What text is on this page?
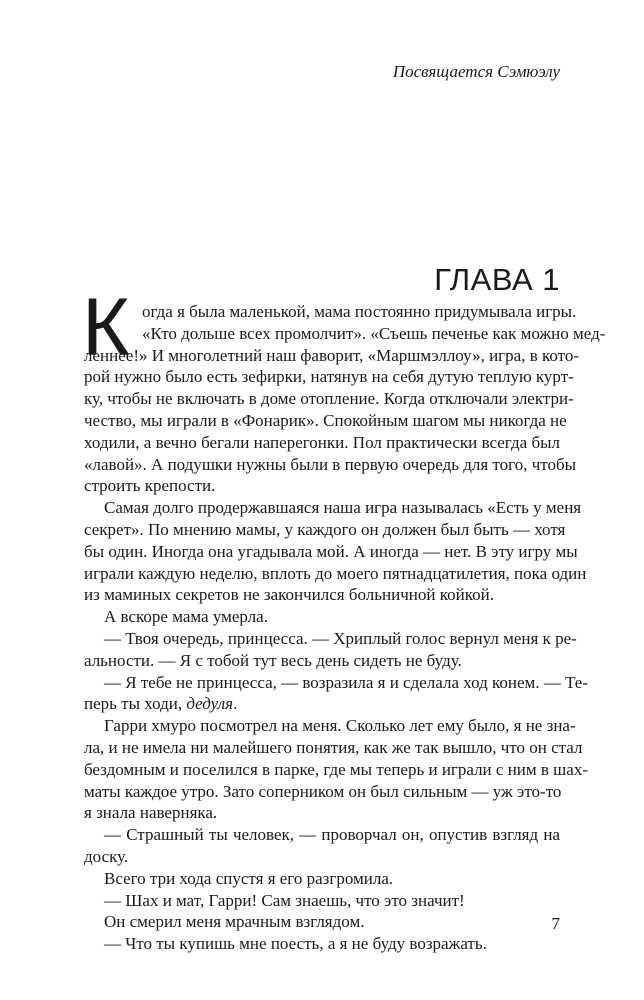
Посвящается Сэмюэлу
ГЛАВА 1
К огда я была маленькой, мама постоянно придумывала игры.
«Кто дольше всех промолчит». «Съешь печенье как можно мед-
леннее!» И многолетний наш фаворит, «Маршмэллоу», игра, в кото-
рой нужно было есть зефирки, натянув на себя дутую теплую курт-
ку, чтобы не включать в доме отопление. Когда отключали электри-
чество, мы играли в «Фонарик». Спокойным шагом мы никогда не
ходили, а вечно бегали наперегонки. Пол практически всегда был
«лавой». А подушки нужны были в первую очередь для того, чтобы
строить крепости.
Самая долго продержавшаяся наша игра называлась «Есть у меня
секрет». По мнению мамы, у каждого он должен был быть — хотя
бы один. Иногда она угадывала мой. А иногда — нет. В эту игру мы
играли каждую неделю, вплоть до моего пятнадцатилетия, пока один
из маминых секретов не закончился больничной койкой.
А вскоре мама умерла.
— Твоя очередь, принцесса. — Хриплый голос вернул меня к ре-
альности. — Я с тобой тут весь день сидеть не буду.
— Я тебе не принцесса, — возразила я и сделала ход конем. — Те-
перь ты ходи, дедуля.
Гарри хмуро посмотрел на меня. Сколько лет ему было, я не зна-
ла, и не имела ни малейшего понятия, как же так вышло, что он стал
бездомным и поселился в парке, где мы теперь и играли с ним в шах-
маты каждое утро. Зато соперником он был сильным — уж это-то
я знала наверняка.
— Страшный ты человек, — проворчал он, опустив взгляд на
доску.
Всего три хода спустя я его разгромила.
— Шах и мат, Гарри! Сам знаешь, что это значит!
Он смерил меня мрачным взглядом.
— Что ты купишь мне поесть, а я не буду возражать.
7
